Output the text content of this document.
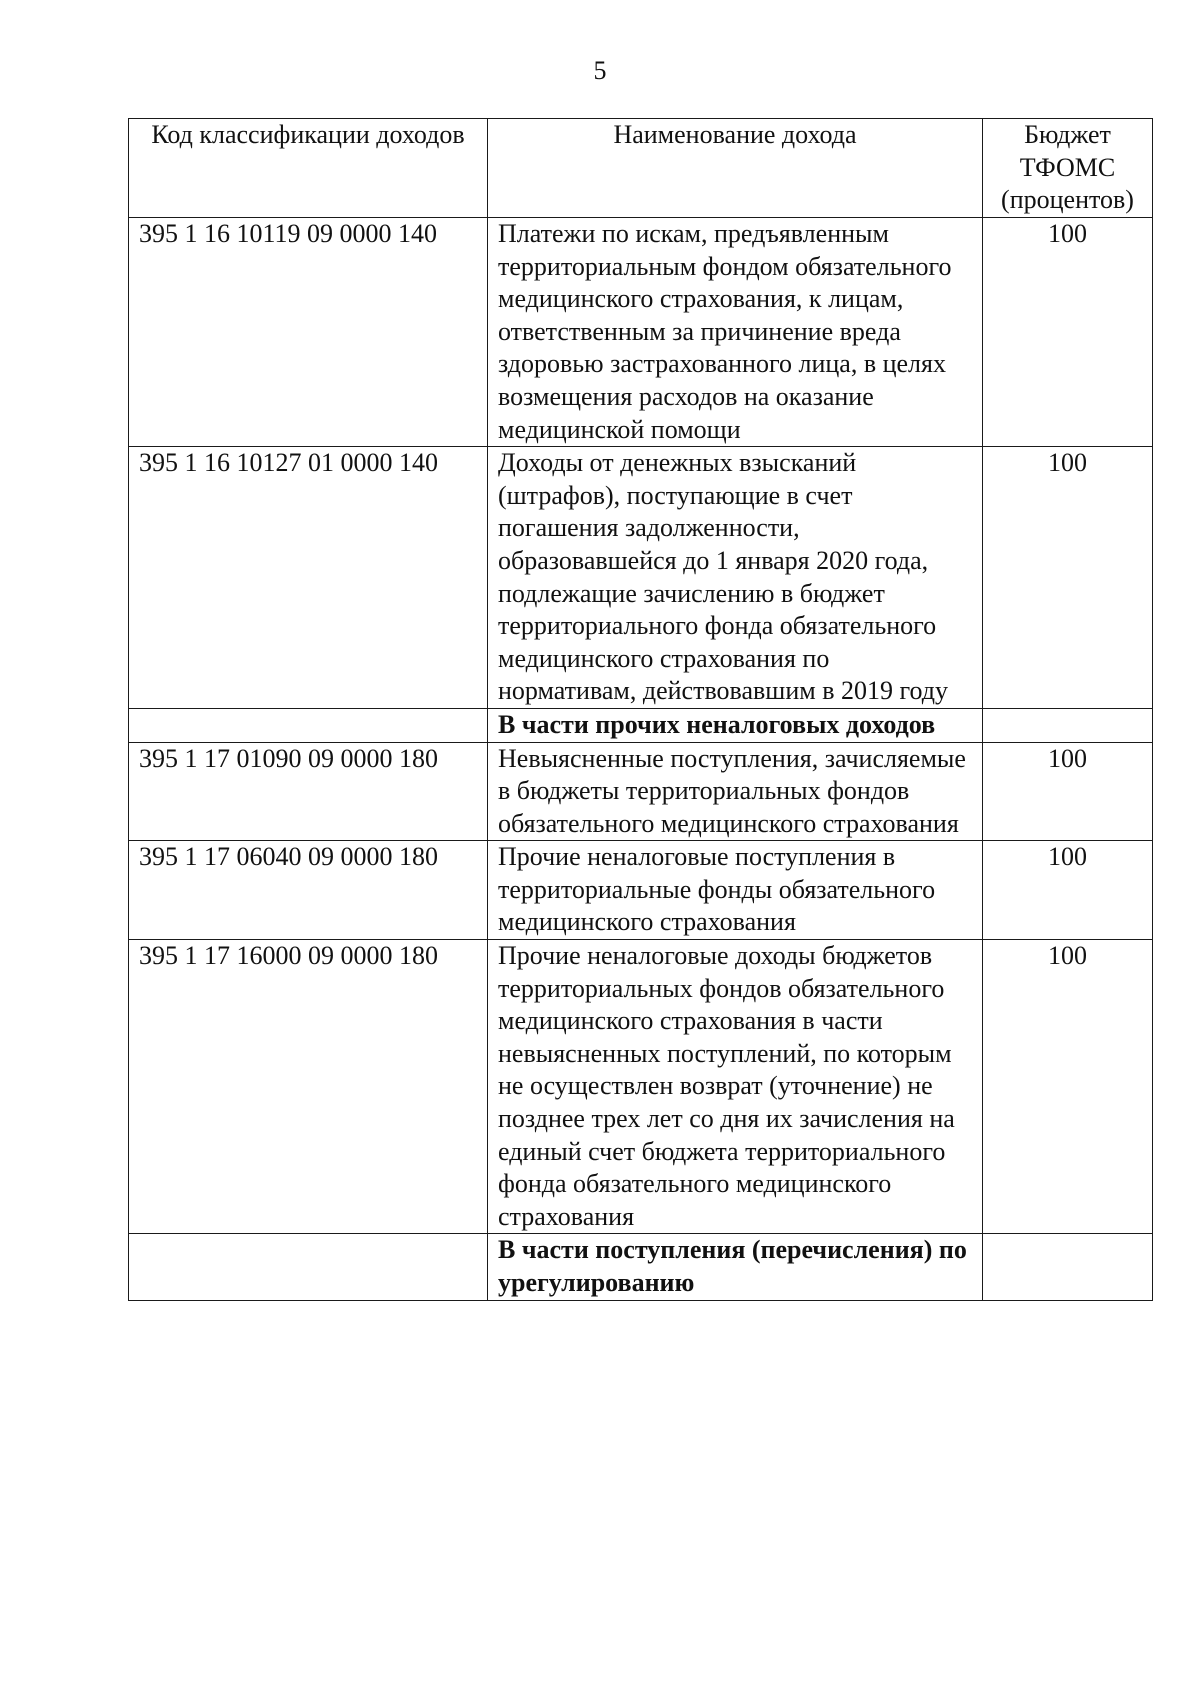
5
Код классификации доходов	Наименование дохода	Бюджет ТФОМС (процентов)
395 1 16 10119 09 0000 140	Платежи по искам, предъявленным территориальным фондом обязательного медицинского страхования, к лицам, ответственным за причинение вреда здоровью застрахованного лица, в целях возмещения расходов на оказание медицинской помощи	100
395 1 16 10127 01 0000 140	Доходы от денежных взысканий (штрафов), поступающие в счет погашения задолженности, образовавшейся до 1 января 2020 года, подлежащие зачислению в бюджет территориального фонда обязательного медицинского страхования по нормативам, действовавшим в 2019 году	100
	В части прочих неналоговых доходов	
395 1 17 01090 09 0000 180	Невыясненные поступления, зачисляемые в бюджеты территориальных фондов обязательного медицинского страхования	100
395 1 17 06040 09 0000 180	Прочие неналоговые поступления в территориальные фонды обязательного медицинского страхования	100
395 1 17 16000 09 0000 180	Прочие неналоговые доходы бюджетов территориальных фондов обязательного медицинского страхования в части невыясненных поступлений, по которым не осуществлен возврат (уточнение) не позднее трех лет со дня их зачисления на единый счет бюджета территориального фонда обязательного медицинского страхования	100
	В части поступления (перечисления) по урегулированию	
